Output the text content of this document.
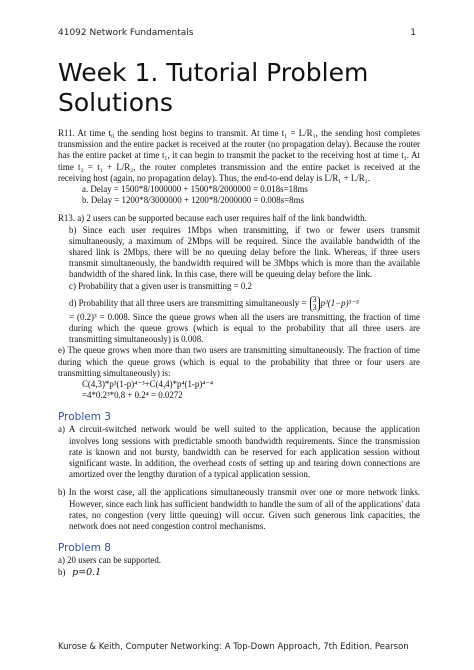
41092 Network Fundamentals	1
Week 1. Tutorial Problem Solutions

R11. At time t₀ the sending host begins to transmit. At time t₁ = L/R₁, the sending host completes transmission and the entire packet is received at the router (no propagation delay). Because the router has the entire packet at time t₁, it can begin to transmit the packet to the receiving host at time t₁. At time t₂ = t₁ + L/R₂, the router completes transmission and the entire packet is received at the receiving host (again, no propagation delay). Thus, the end-to-end delay is L/R₁ + L/R₂.

a. Delay = 1500*8/1000000 + 1500*8/2000000 = 0.018s=18ms

b. Delay = 1200*8/3000000 + 1200*8/2000000 = 0.008s=8ms

R13. a) 2 users can be supported because each user requires half of the link bandwidth.

b) Since each user requires 1Mbps when transmitting, if two or fewer users transmit simultaneously, a maximum of 2Mbps will be required. Since the available bandwidth of the shared link is 2Mbps, there will be no queuing delay before the link. Whereas, if three users transmit simultaneously, the bandwidth required will be 3Mbps which is more than the available bandwidth of the shared link. In this case, there will be queuing delay before the link.

c) Probability that a given user is transmitting = 0.2

d) Probability that all three users are transmitting simultaneously = 3
3 p³(1−p)³⁻³

= (0.2)³ = 0.008. Since the queue grows when all the users are transmitting, the fraction of time during which the queue grows (which is equal to the probability that all three users are transmitting simultaneously) is 0.008.

e) The queue grows when more than two users are transmitting simultaneously. The fraction of time during which the queue grows (which is equal to the probability that three or four users are transmitting simultaneously) is:

C(4,3)*p³(1-p)⁴⁻³+C(4,4)*p⁴(1-p)⁴⁻⁴

=4*0.2³*0.8 + 0.2⁴ = 0.0272

Problem 3

a) A circuit-switched network would be well suited to the application, because the application involves long sessions with predictable smooth bandwidth requirements. Since the transmission rate is known and not bursty, bandwidth can be reserved for each application session without significant waste. In addition, the overhead costs of setting up and tearing down connections are amortized over the lengthy duration of a typical application session.

b) In the worst case, all the applications simultaneously transmit over one or more network links. However, since each link has sufficient bandwidth to handle the sum of all of the applications' data rates, no congestion (very little queuing) will occur. Given such generous link capacities, the network does not need congestion control mechanisms.

Problem 8

a) 20 users can be supported.

b) p=0.1

Kurose & Keith, Computer Networking: A Top-Down Approach, 7th Edition. Pearson
